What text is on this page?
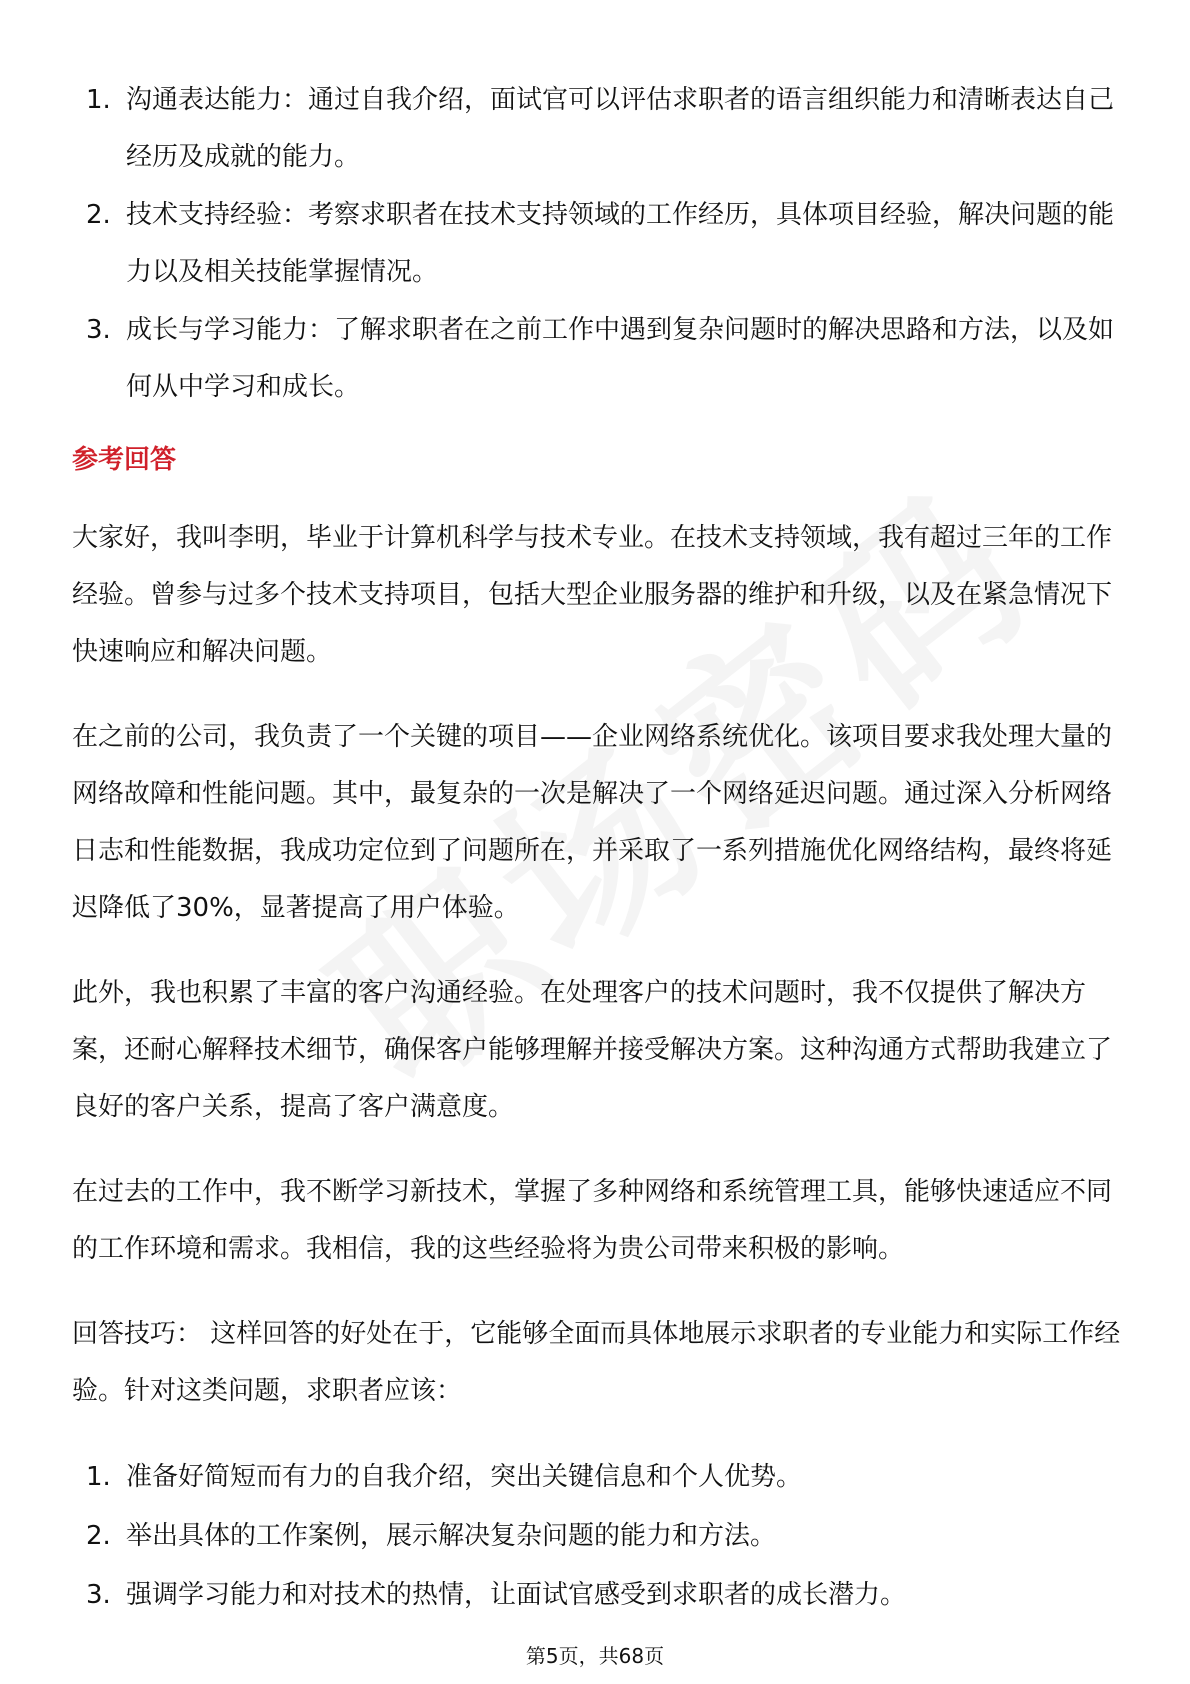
1. 沟通表达能力：通过自我介绍，面试官可以评估求职者的语言组织能力和清晰表达自己经历及成就的能力。
2. 技术支持经验：考察求职者在技术支持领域的工作经历，具体项目经验，解决问题的能力以及相关技能掌握情况。
3. 成长与学习能力：了解求职者在之前工作中遇到复杂问题时的解决思路和方法，以及如何从中学习和成长。
参考回答

大家好，我叫李明，毕业于计算机科学与技术专业。在技术支持领域，我有超过三年的工作经验。曾参与过多个技术支持项目，包括大型企业服务器的维护和升级，以及在紧急情况下快速响应和解决问题。

在之前的公司，我负责了一个关键的项目——企业网络系统优化。该项目要求我处理大量的网络故障和性能问题。其中，最复杂的一次是解决了一个网络延迟问题。通过深入分析网络日志和性能数据，我成功定位到了问题所在，并采取了一系列措施优化网络结构，最终将延迟降低了30%，显著提高了用户体验。

此外，我也积累了丰富的客户沟通经验。在处理客户的技术问题时，我不仅提供了解决方案，还耐心解释技术细节，确保客户能够理解并接受解决方案。这种沟通方式帮助我建立了良好的客户关系，提高了客户满意度。

在过去的工作中，我不断学习新技术，掌握了多种网络和系统管理工具，能够快速适应不同的工作环境和需求。我相信，我的这些经验将为贵公司带来积极的影响。

回答技巧： 这样回答的好处在于，它能够全面而具体地展示求职者的专业能力和实际工作经验。针对这类问题，求职者应该：

1. 准备好简短而有力的自我介绍，突出关键信息和个人优势。
2. 举出具体的工作案例，展示解决复杂问题的能力和方法。
3. 强调学习能力和对技术的热情，让面试官感受到求职者的成长潜力。
第5页，共68页
